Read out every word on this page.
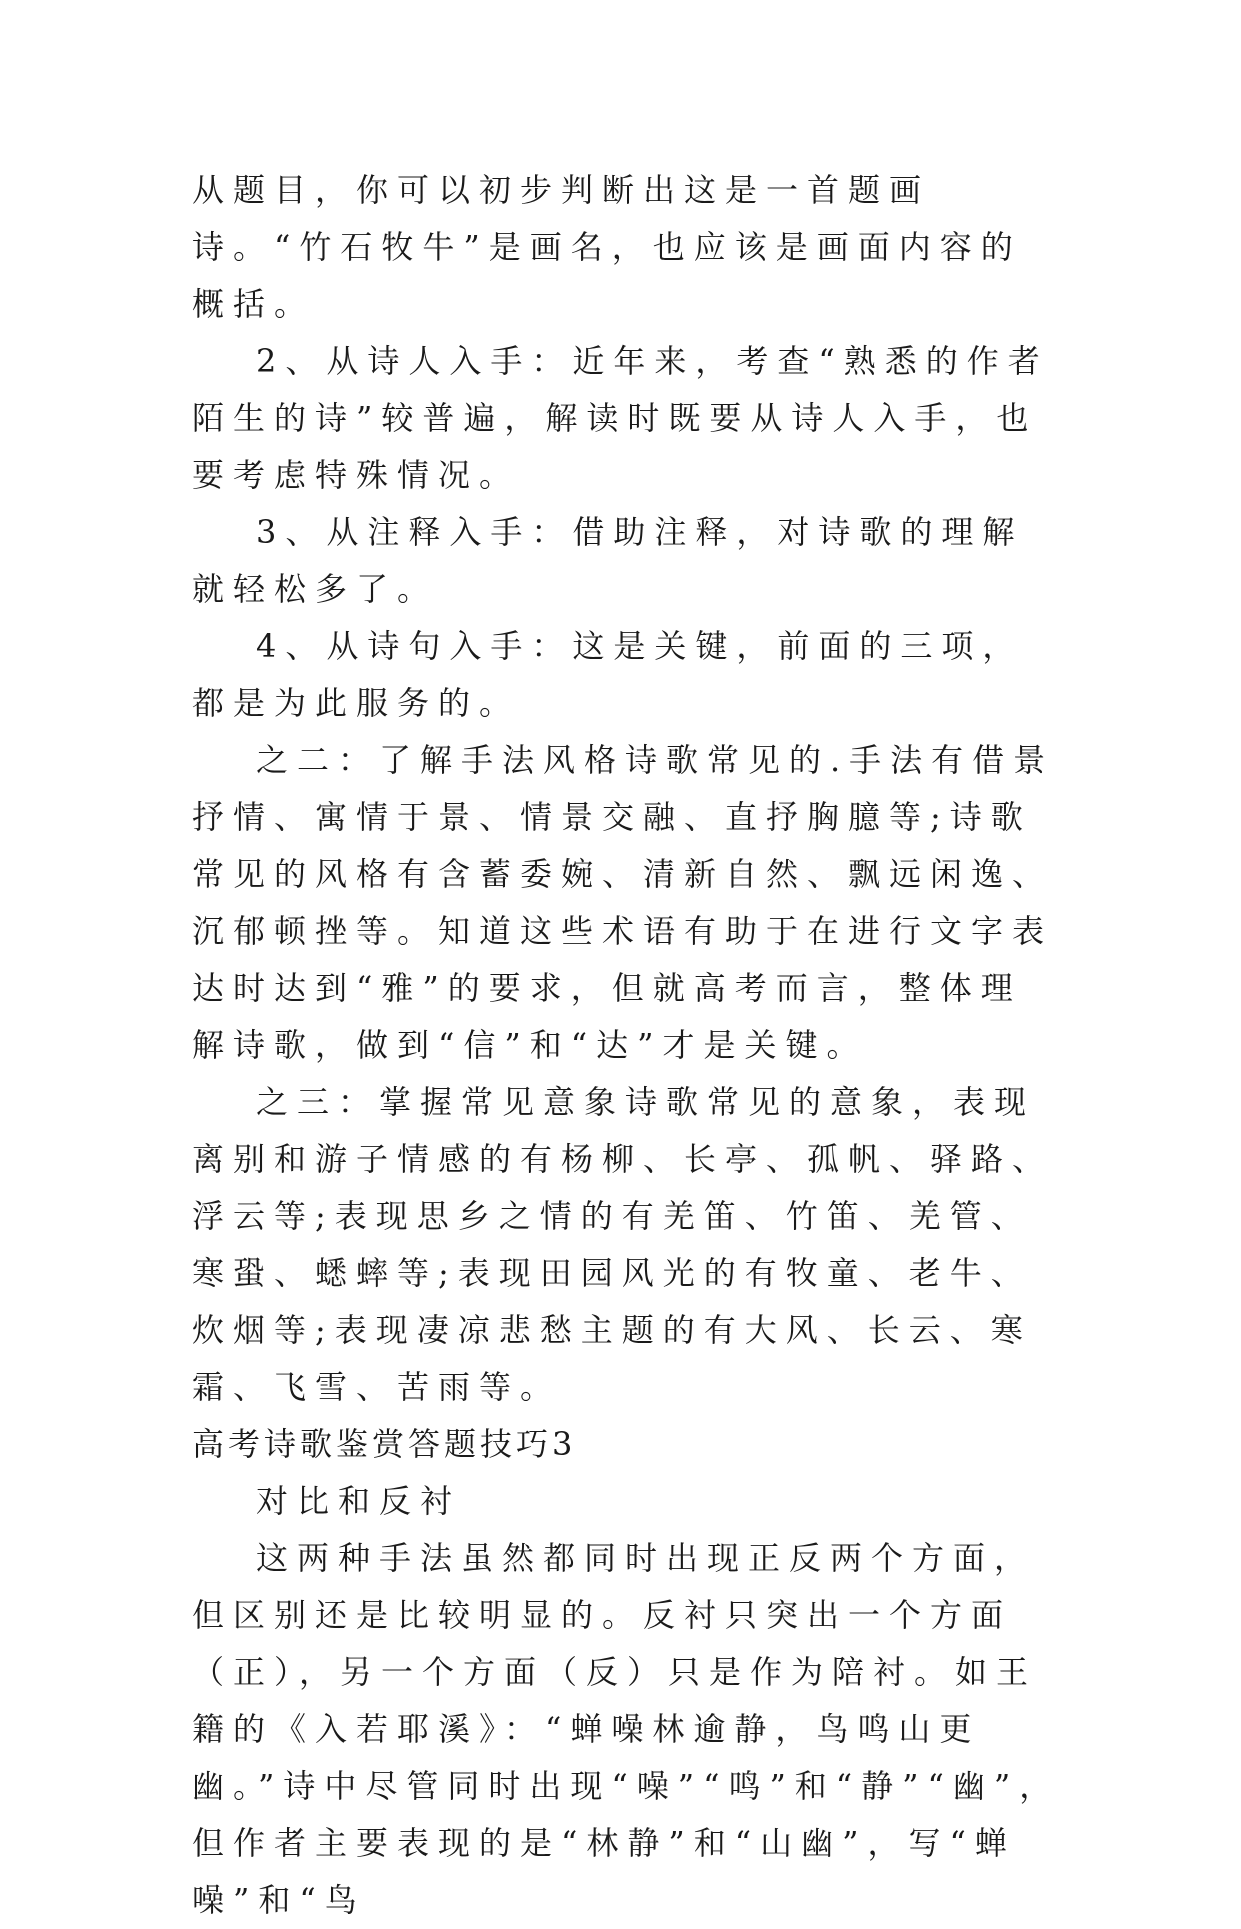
从题目，你可以初步判断出这是一首题画诗。“竹石牧牛”是画名，也应该是画面内容的概括。

2、从诗人入手：近年来，考查“熟悉的作者陌生的诗”较普遍，解读时既要从诗人入手，也要考虑特殊情况。

3、从注释入手：借助注释，对诗歌的理解就轻松多了。

4、从诗句入手：这是关键，前面的三项，都是为此服务的。

之二：了解手法风格诗歌常见的.手法有借景抒情、寓情于景、情景交融、直抒胸臆等;诗歌常见的风格有含蓄委婉、清新自然、飘远闲逸、沉郁顿挫等。知道这些术语有助于在进行文字表达时达到“雅”的要求，但就高考而言，整体理解诗歌，做到“信”和“达”才是关键。

之三：掌握常见意象诗歌常见的意象，表现离别和游子情感的有杨柳、长亭、孤帆、驿路、浮云等;表现思乡之情的有羌笛、竹笛、羌管、寒蛩、蟋蟀等;表现田园风光的有牧童、老牛、炊烟等;表现凄凉悲愁主题的有大风、长云、寒霜、飞雪、苦雨等。

高考诗歌鉴赏答题技巧3

对比和反衬

这两种手法虽然都同时出现正反两个方面，但区别还是比较明显的。反衬只突出一个方面（正），另一个方面（反）只是作为陪衬。如王籍的《入若耶溪》：“蝉噪林逾静，鸟鸣山更幽。”诗中尽管同时出现“噪”“鸣”和“静”“幽”，但作者主要表现的是“林静”和“山幽”，写“蝉噪”和“鸟
